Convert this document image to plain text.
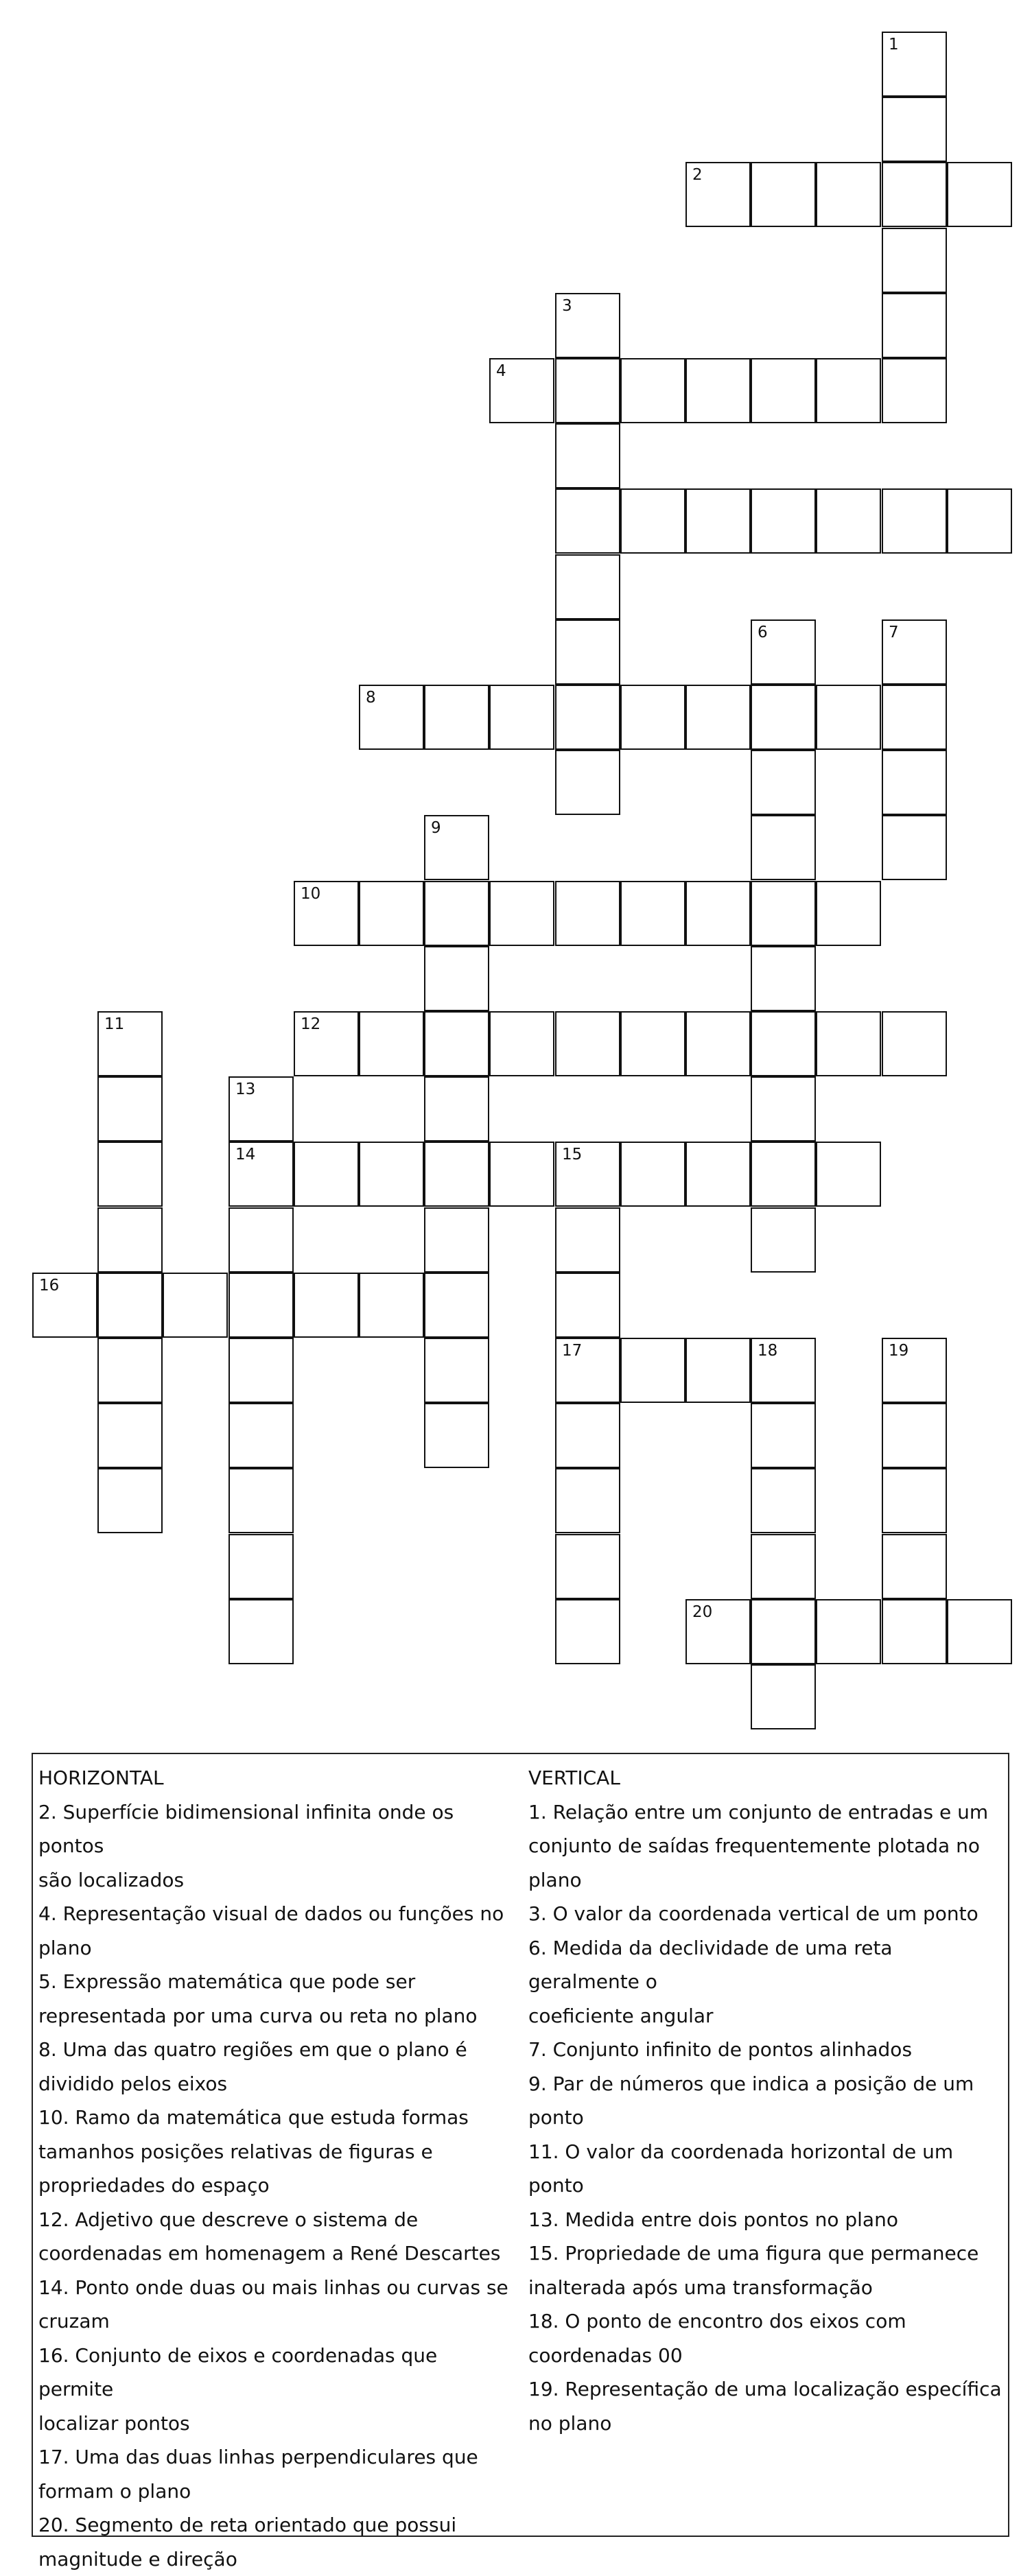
1
2
3
4
6	7
8
9
10
11	12
13
14	15
17
16
18	19
20
HORIZONTAL
2. Superfície bidimensional infinita onde os pontos
são localizados
4. Representação visual de dados ou funções no
plano
5. Expressão matemática que pode ser
representada por uma curva ou reta no plano
8. Uma das quatro regiões em que o plano é
dividido pelos eixos
10. Ramo da matemática que estuda formas
tamanhos posições relativas de figuras e
propriedades do espaço
12. Adjetivo que descreve o sistema de
coordenadas em homenagem a René Descartes
14. Ponto onde duas ou mais linhas ou curvas se
cruzam
16. Conjunto de eixos e coordenadas que permite
localizar pontos
17. Uma das duas linhas perpendiculares que
formam o plano
20. Segmento de reta orientado que possui
magnitude e direção
VERTICAL
1. Relação entre um conjunto de entradas e um
conjunto de saídas frequentemente plotada no
plano
3. O valor da coordenada vertical de um ponto
6. Medida da declividade de uma reta geralmente o
coeficiente angular
7. Conjunto infinito de pontos alinhados
9. Par de números que indica a posição de um
ponto
11. O valor da coordenada horizontal de um ponto
13. Medida entre dois pontos no plano
15. Propriedade de uma figura que permanece
inalterada após uma transformação
18. O ponto de encontro dos eixos com
coordenadas 00
19. Representação de uma localização específica
no plano
